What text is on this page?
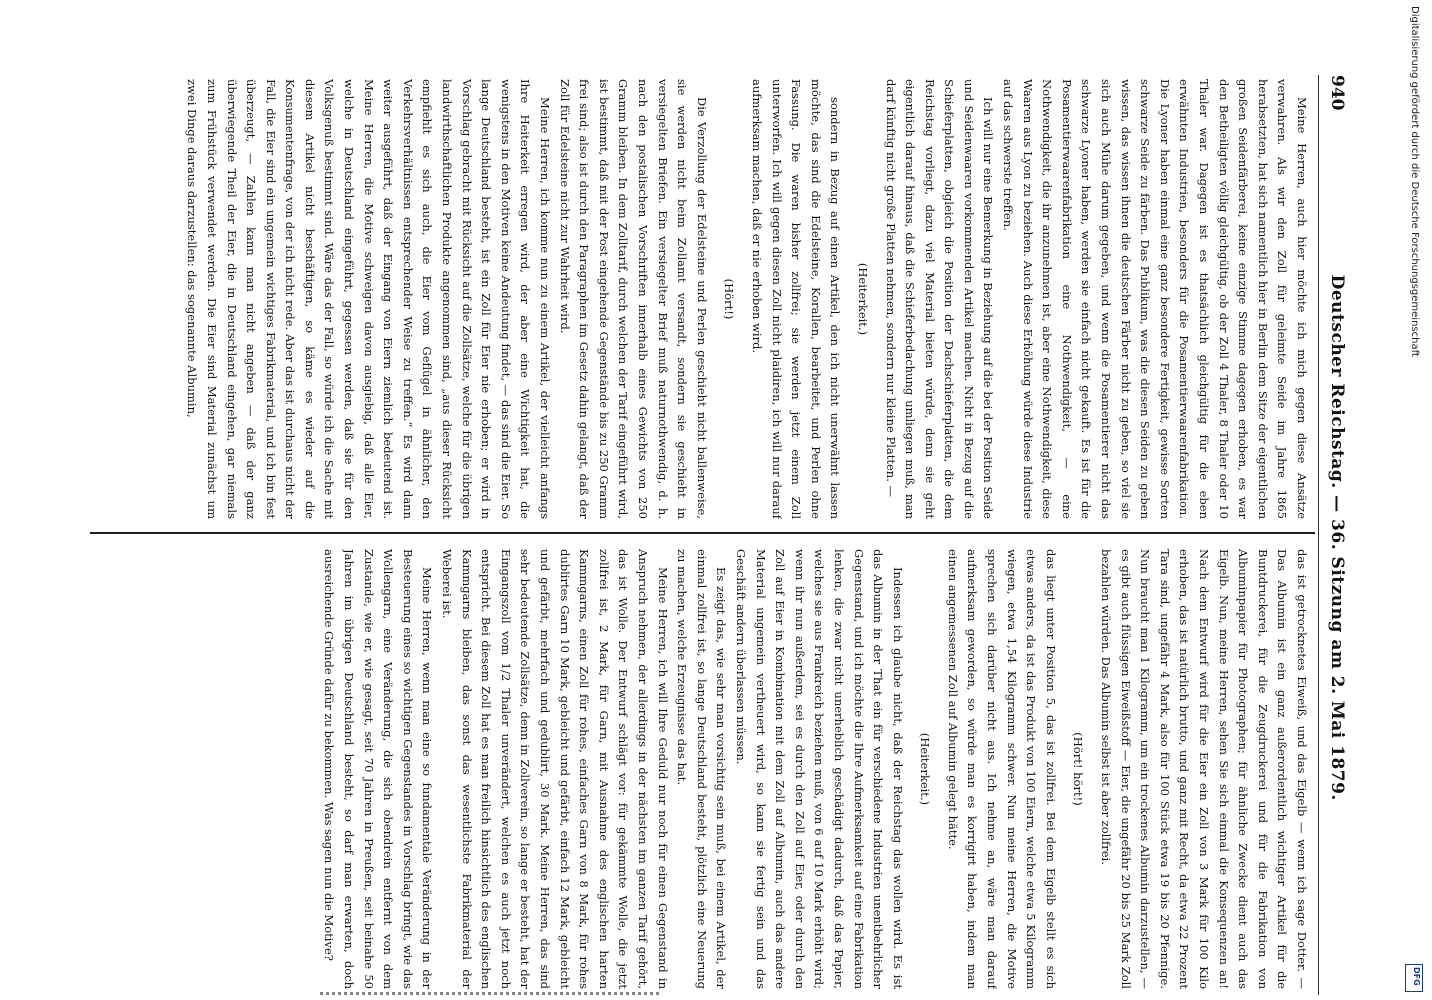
940
Deutscher Reichstag. — 36. Sitzung am 2. Mai 1879.

Meine Herren, auch hier möchte ich mich gegen diese Ansätze verwahren. Als wir den Zoll für geleimte Seide im Jahre 1865 herabsetzten, hat sich namentlich hier in Berlin dem Sitze der eigentlichen großen Seidenfärberei, keine einzige Stimme dagegen erhoben, es war den Betheiligten völlig gleichgültig, ob der Zoll 4 Thaler, 8 Thaler oder 10 Thaler war. Dagegen ist es thatsächlich gleichgültig für die eben erwähnten Industrien, besonders für die Posamentierwaarenfabrikation. Die Lyoner haben einmal eine ganz besondere Fertigkeit, gewisse Sorten schwarze Seide zu färben. Das Publikum, was die diesen Seiden zu geben wissen, das wissen ihnen die deutschen Färber nicht zu geben, so viel sie sich auch Mühe darum gegeben, und wenn die Posamentierer nicht das schwarze Lyoner haben, werden sie einfach nicht gekauft. Es ist für die Posamentierwaarenfabrikation eine Nothwendigkeit, — eine Nothwendigkeit, die ihr anzunehmen ist, aber eine Nothwendigkeit, diese Waaren aus Lyon zu beziehen. Auch diese Erhöhung würde diese Industrie auf das schwerste treffen.

Ich will nur eine Bemerkung in Beziehung auf die bei der Position Seide und Seidenwaaren vorkommenden Artikel machen. Nicht in Bezug auf die Schieferplatten, obgleich die Position der Dachschieferplatten, die dem Reichstag vorliegt, dazu viel Material bieten würde, denn sie geht eigentlich darauf hinaus, daß die Schieferbedachung umliegen muß, man darf künftig nicht große Platten nehmen, sondern nur kleine Platten. —

(Heiterkeit.)

sondern in Bezug auf einen Artikel, den ich nicht unerwähnt lassen möchte, das sind die Edelsteine, Korallen, bearbeitet, und Perlen ohne Fassung. Die waren bisher zollfrei; sie werden jetzt einem Zoll unterworfen. Ich will gegen diesen Zoll nicht plaidiren, ich will nur darauf aufmerksam machen, daß er nie erhoben wird.

(Hört!)

Die Verzollung der Edelsteine und Perlen geschieht nicht ballenweise, sie werden nicht beim Zollamt versandt, sondern sie geschieht in versiegelten Briefen. Ein versiegelter Brief muß naturnothwendig, d. h. nach den postalischen Vorschriften innerhalb eines Gewichts von 250 Gramm bleiben. In dem Zolltarif, durch welchen der Tarif eingeführt wird, ist bestimmt, daß mit der Post eingehende Gegenstände bis zu 250 Gramm frei sind; also ist durch den Paragraphen im Gesetz dahin gelangt, daß der Zoll für Edelsteine nicht zur Wahrheit wird.

Meine Herren, ich komme nun zu einem Artikel, der vielleicht anfangs Ihre Heiterkeit erregen wird, der aber eine Wichtigkeit hat, die wenigstens in den Motiven keine Andeutung findet, — das sind die Eier. So lange Deutschland besteht, ist ein Zoll für Eier nie erhoben; er wird in Vorschlag gebracht mit Rücksicht auf die Zollsätze, welche für die übrigen landwirthschaftlichen Produkte angenommen sind, „aus dieser Rücksicht empfiehlt es sich auch, die Eier vom Geflügel in ähnlicher, den Verkehrsverhältnissen entsprechender Weise zu treffen.“ Es wird dann weiter ausgeführt, daß der Eingang von Eiern ziemlich bedeutend ist. Meine Herren, die Motive schweigen davon ausgiebig, daß alle Eier, welche in Deutschland eingeführt, gegessen werden, daß sie für den Volksgenuß bestimmt sind. Wäre das der Fall, so würde ich die Sache mit diesem Artikel nicht beschäftigen, so käme es wieder auf die Konsumentenfrage, von der ich nicht rede. Aber das ist durchaus nicht der Fall, die Eier sind ein ungemein wichtiges Fabrikmaterial, und ich bin fest überzeugt, — Zahlen kann man nicht angeben — daß der ganz überwiegende Theil der Eier, die in Deutschland eingehen, gar niemals zum Frühstück verwendet werden. Die Eier sind Material zunächst um zwei Dinge daraus darzustellen: das sogenannte Albumin,

das ist getrocknetes Eiweiß, und das Eigelb — wenn ich sage Dotter. — Das Albumin ist ein ganz außerordentlich wichtiger Artikel für die Buntdruckerei, für die Zeugdruckerei und für die Fabrikation von Albuminpapier für Photographen; für ähnliche Zwecke dient auch das Eigelb. Nun, meine Herren, sehen Sie sich einmal die Konsequenzen an! Nach dem Entwurf wird für die Eier ein Zoll von 3 Mark für 100 Kilo erhoben, das ist natürlich brutto, und ganz mit Recht, da etwa 22 Prozent Tara sind, ungefähr 4 Mark, also für 100 Stück etwa 19 bis 20 Pfennige. Nun braucht man 1 Kilogramm, um ein trockenes Albumin darzustellen, — es gibt auch flüssigen Eiweißstoff — Eier, die ungefähr 20 bis 25 Mark Zoll bezahlen würden. Das Albumin selbst ist aber zollfrei.

(Hört! hört!)

das liegt unter Position 5, das ist zollfrei. Bei dem Eigelb stellt es sich etwas anders, da ist das Produkt von 100 Eiern, welche etwa 5 Kilogramm wiegen, etwa 1,54 Kilogramm schwer. Nun meine Herren, die Motive sprechen sich darüber nicht aus. Ich nehme an, wäre man darauf aufmerksam geworden, so würde man es korrigirt haben, indem man einen angemessenen Zoll auf Albumin gelegt hätte.

(Heiterkeit.)

Indessen ich glaube nicht, daß der Reichstag das wollen wird. Es ist das Albumin in der That ein für verschiedene Industrien unentbehrlicher Gegenstand, und ich möchte die Ihre Aufmerksamkeit auf eine Fabrikation lenken, die zwar nicht unerheblich geschädigt dadurch, daß das Papier, welches sie aus Frankreich beziehen muß, von 6 auf 10 Mark erhöht wird; wenn ihr nun außerdem, sei es durch den Zoll auf Eier, oder durch den Zoll auf Eier in Kombination mit dem Zoll auf Albumin, auch das andere Material ungemein vertheuert wird, so kann sie fertig sein und das Geschäft andern überlassen müssen.

Es zeigt das, wie sehr man vorsichtig sein muß, bei einem Artikel, der einmal zollfrei ist, so lange Deutschland besteht, plötzlich eine Neuerung zu machen, welche Erzeugnisse das hat.

Meine Herren, ich will Ihre Geduld nur noch für einen Gegenstand in Anspruch nehmen, der allerdings in der nächsten im ganzen Tarif gehört, das ist Wolle. Der Entwurf schlägt vor: für gekämmte Wolle, die jetzt zollfrei ist, 2 Mark, für Garn, mit Ausnahme des englischen harten Kammgarns, einen Zoll für rohes, einfaches Garn von 8 Mark, für rohes dublirtes Garn 10 Mark, gebleicht und gefärbt, einfach 12 Mark, gebleicht und gefärbt, mehrfach und gedublirt, 30 Mark. Meine Herren, das sind sehr bedeutende Zollsätze, denn in Zollverein, so lange er besteht, hat der Eingangszoll vom 1/2 Thaler unverändert, welchen es auch jetzt noch entspricht. Bei diesem Zoll hat es man freilich hinsichtlich des englischen Kammgarns bleiben, das sonst das wesentlichste Fabrikmaterial der Weberei ist.

Meine Herren, wenn man eine so fundamentale Veränderung in der Besteuerung eines so wichtigen Gegenstandes in Vorschlag bringt, wie das Wollengarn, eine Veränderung, die sich obendrein entfernt von dem Zustande, wie er, wie gesagt, seit 70 Jahren in Preußen, seit beinahe 50 Jahren im übrigen Deutschland besteht, so darf man erwarten, doch ausreichende Gründe dafür zu bekommen. Was sagen nun die Motive?

Digitalisierung gefördert durch die Deutsche Forschungsgemeinschaft
DFG
